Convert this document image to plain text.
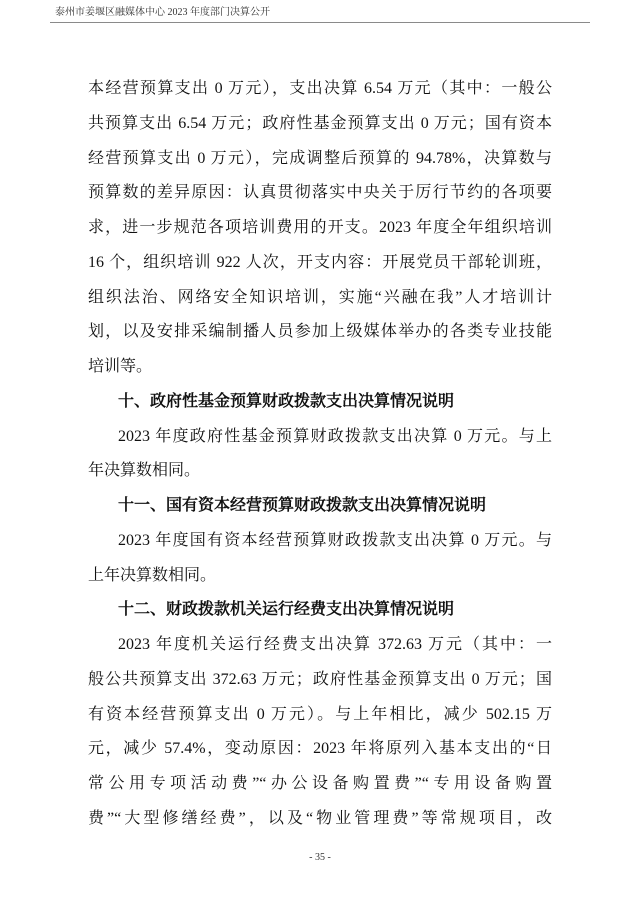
泰州市姜堰区融媒体中心 2023 年度部门决算公开
本经营预算支出 0 万元），支出决算 6.54 万元（其中：一般公
共预算支出 6.54 万元；政府性基金预算支出 0 万元；国有资本
经营预算支出 0 万元），完成调整后预算的 94.78%，决算数与
预算数的差异原因：认真贯彻落实中央关于厉行节约的各项要
求，进一步规范各项培训费用的开支。2023 年度全年组织培训
16 个，组织培训 922 人次，开支内容：开展党员干部轮训班，
组织法治、网络安全知识培训，实施“兴融在我”人才培训计
划，以及安排采编制播人员参加上级媒体举办的各类专业技能
培训等。
十、政府性基金预算财政拨款支出决算情况说明
2023 年度政府性基金预算财政拨款支出决算 0 万元。与上
年决算数相同。
十一、国有资本经营预算财政拨款支出决算情况说明
2023 年度国有资本经营预算财政拨款支出决算 0 万元。与
上年决算数相同。
十二、财政拨款机关运行经费支出决算情况说明
2023 年度机关运行经费支出决算 372.63 万元（其中：一
般公共预算支出 372.63 万元；政府性基金预算支出 0 万元；国
有资本经营预算支出 0 万元）。与上年相比，减少 502.15 万
元，减少 57.4%，变动原因：2023 年将原列入基本支出的“日
常公用专项活动费”“办公设备购置费”“专用设备购置
费”“大型修缮经费”，以及“物业管理费”等常规项目，改
- 35 -
